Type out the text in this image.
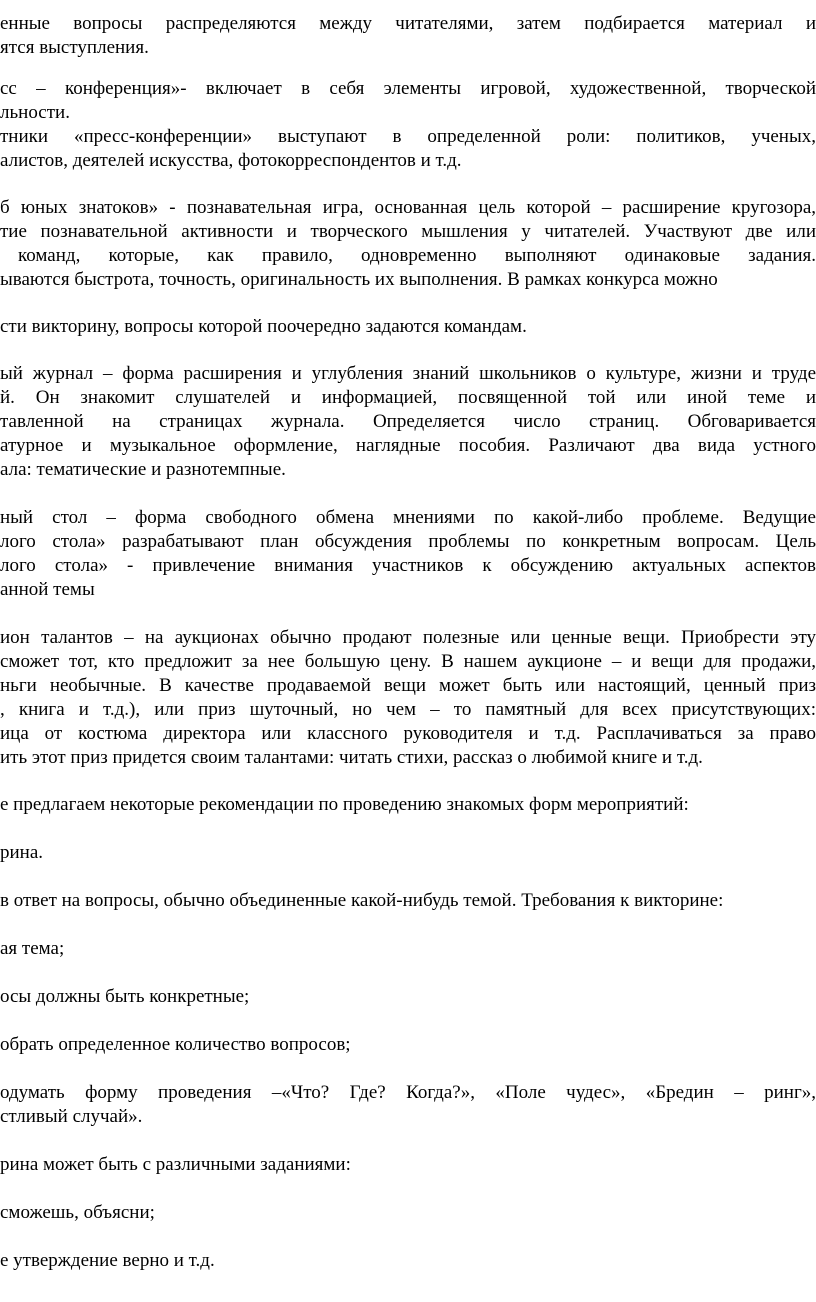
енные вопросы распределяются между читателями, затем подбирается материал и
ятся выступления.
сс – конференция»- включает в себя элементы игровой, художественной, творческой
льности.
тники «пресс-конференции» выступают в определенной роли: политиков, ученых,
алистов, деятелей искусства, фотокорреспондентов и т.д.
б юных знатоков» - познавательная игра, основанная цель которой – расширение кругозора,
тие познавательной активности и творческого мышления у читателей. Участвуют две или
команд, которые, как правило, одновременно выполняют одинаковые задания.
ываются быстрота, точность, оригинальность их выполнения. В рамках конкурса можно
сти викторину, вопросы которой поочередно задаются командам.
ый журнал – форма расширения и углубления знаний школьников о культуре, жизни и труде
й. Он знакомит слушателей и информацией, посвященной той или иной теме и
тавленной на страницах журнала. Определяется число страниц. Обговаривается
атурное и музыкальное оформление, наглядные пособия. Различают два вида устного
ала: тематические и разнотемпные.
ный стол – форма свободного обмена мнениями по какой-либо проблеме. Ведущие
лого стола» разрабатывают план обсуждения проблемы по конкретным вопросам. Цель
лого стола» - привлечение внимания участников к обсуждению актуальных аспектов
анной темы
ион талантов – на аукционах обычно продают полезные или ценные вещи. Приобрести эту
сможет тот, кто предложит за нее большую цену. В нашем аукционе – и вещи для продажи,
ньги необычные. В качестве продаваемой вещи может быть или настоящий, ценный приз
, книга и т.д.), или приз шуточный, но чем – то памятный для всех присутствующих:
ица от костюма директора или классного руководителя и т.д. Расплачиваться за право
ить этот приз придется своим талантами: читать стихи, рассказ о любимой книге и т.д.
е предлагаем некоторые рекомендации по проведению знакомых форм мероприятий:
рина.
в ответ на вопросы, обычно объединенные какой-нибудь темой. Требования к викторине:
ая тема;
осы должны быть конкретные;
обрать определенное количество вопросов;
одумать форму проведения –«Что? Где? Когда?», «Поле чудес», «Бредин – ринг»,
стливый случай».
рина может быть с различными заданиями:
сможешь, объясни;
е утверждение верно и т.д.
